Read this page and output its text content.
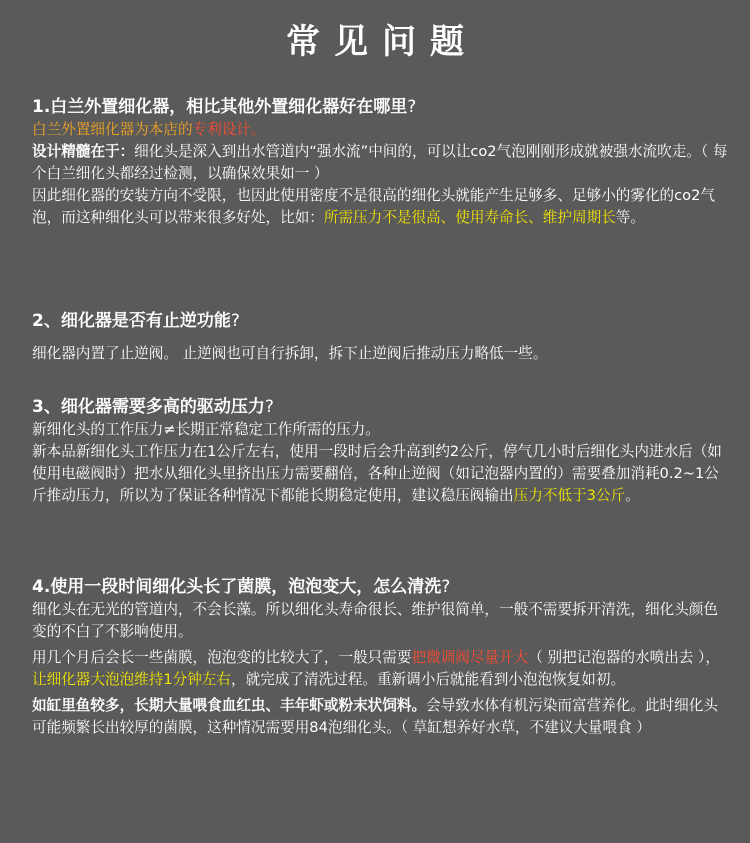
常见问题

1.白兰外置细化器，相比其他外置细化器好在哪里?

白兰外置细化器为本店的专利设计。

设计精髓在于：细化头是深入到出水管道内“强水流”中间的，可以让co2气泡刚刚形成就被强水流吹走。（ 每个白兰细化头都经过检测，以确保效果如一 ）

因此细化器的安装方向不受限，也因此使用密度不是很高的细化头就能产生足够多、足够小的雾化的co2气泡，而这种细化头可以带来很多好处，比如：所需压力不是很高、使用寿命长、维护周期长等。

2、细化器是否有止逆功能?

细化器内置了止逆阀。 止逆阀也可自行拆卸，拆下止逆阀后推动压力略低一些。

3、细化器需要多高的驱动压力?

新细化头的工作压力≠长期正常稳定工作所需的压力。

新本品新细化头工作压力在1公斤左右，使用一段时后会升高到约2公斤，停气几小时后细化头内进水后（如使用电磁阀时）把水从细化头里挤出压力需要翻倍，各种止逆阀（如记泡器内置的）需要叠加消耗0.2~1公斤推动压力，所以为了保证各种情况下都能长期稳定使用，建议稳压阀输出压力不低于3公斤。

4.使用一段时间细化头长了菌膜，泡泡变大，怎么清洗?

细化头在无光的管道内，不会长藻。所以细化头寿命很长、维护很简单，一般不需要拆开清洗，细化头颜色变的不白了不影响使用。

用几个月后会长一些菌膜，泡泡变的比较大了，一般只需要把微调阀尽量开大（ 别把记泡器的水喷出去 ），让细化器大泡泡维持1分钟左右，就完成了清洗过程。重新调小后就能看到小泡泡恢复如初。

如缸里鱼较多，长期大量喂食血红虫、丰年虾或粉末状饲料。会导致水体有机污染而富营养化。此时细化头可能频繁长出较厚的菌膜，这种情况需要用84泡细化头。（ 草缸想养好水草，不建议大量喂食 ）
